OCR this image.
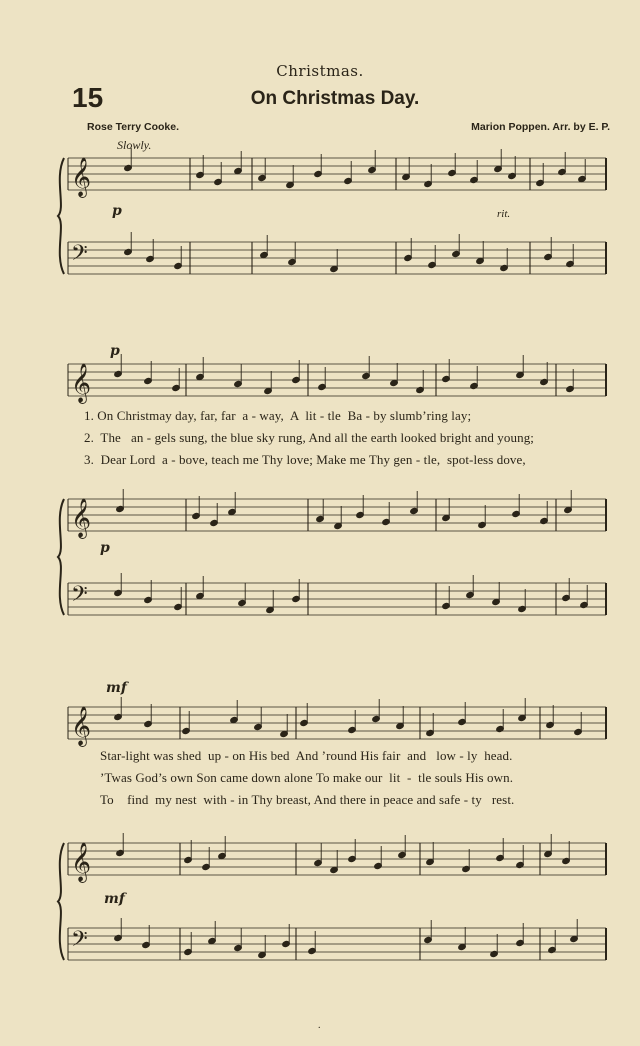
Christmas.
15	On Christmas Day.
Rose Terry Cooke.	Marion Poppen. Arr. by E. P.
Slowly.
p	rit.
p
p
mf
mf
1. On Christmay day, far, far  a - way,  A  lit - tle  Ba - by slumb’ring lay;
2.  The   an - gels sung, the blue sky rung, And all the earth looked bright and young;
3.  Dear Lord  a - bove, teach me Thy love; Make me Thy gen - tle,  spot-less dove,
Star-light was shed  up - on His bed  And ’round His fair  and   low - ly  head.
’Twas God’s own Son came down alone To make our  lit  -  tle souls His own.
To    find  my nest  with - in Thy breast, And there in peace and safe - ty   rest.
𝄞
𝄞
𝄞
𝄞
𝄞
𝄢
𝄢
𝄢
.
